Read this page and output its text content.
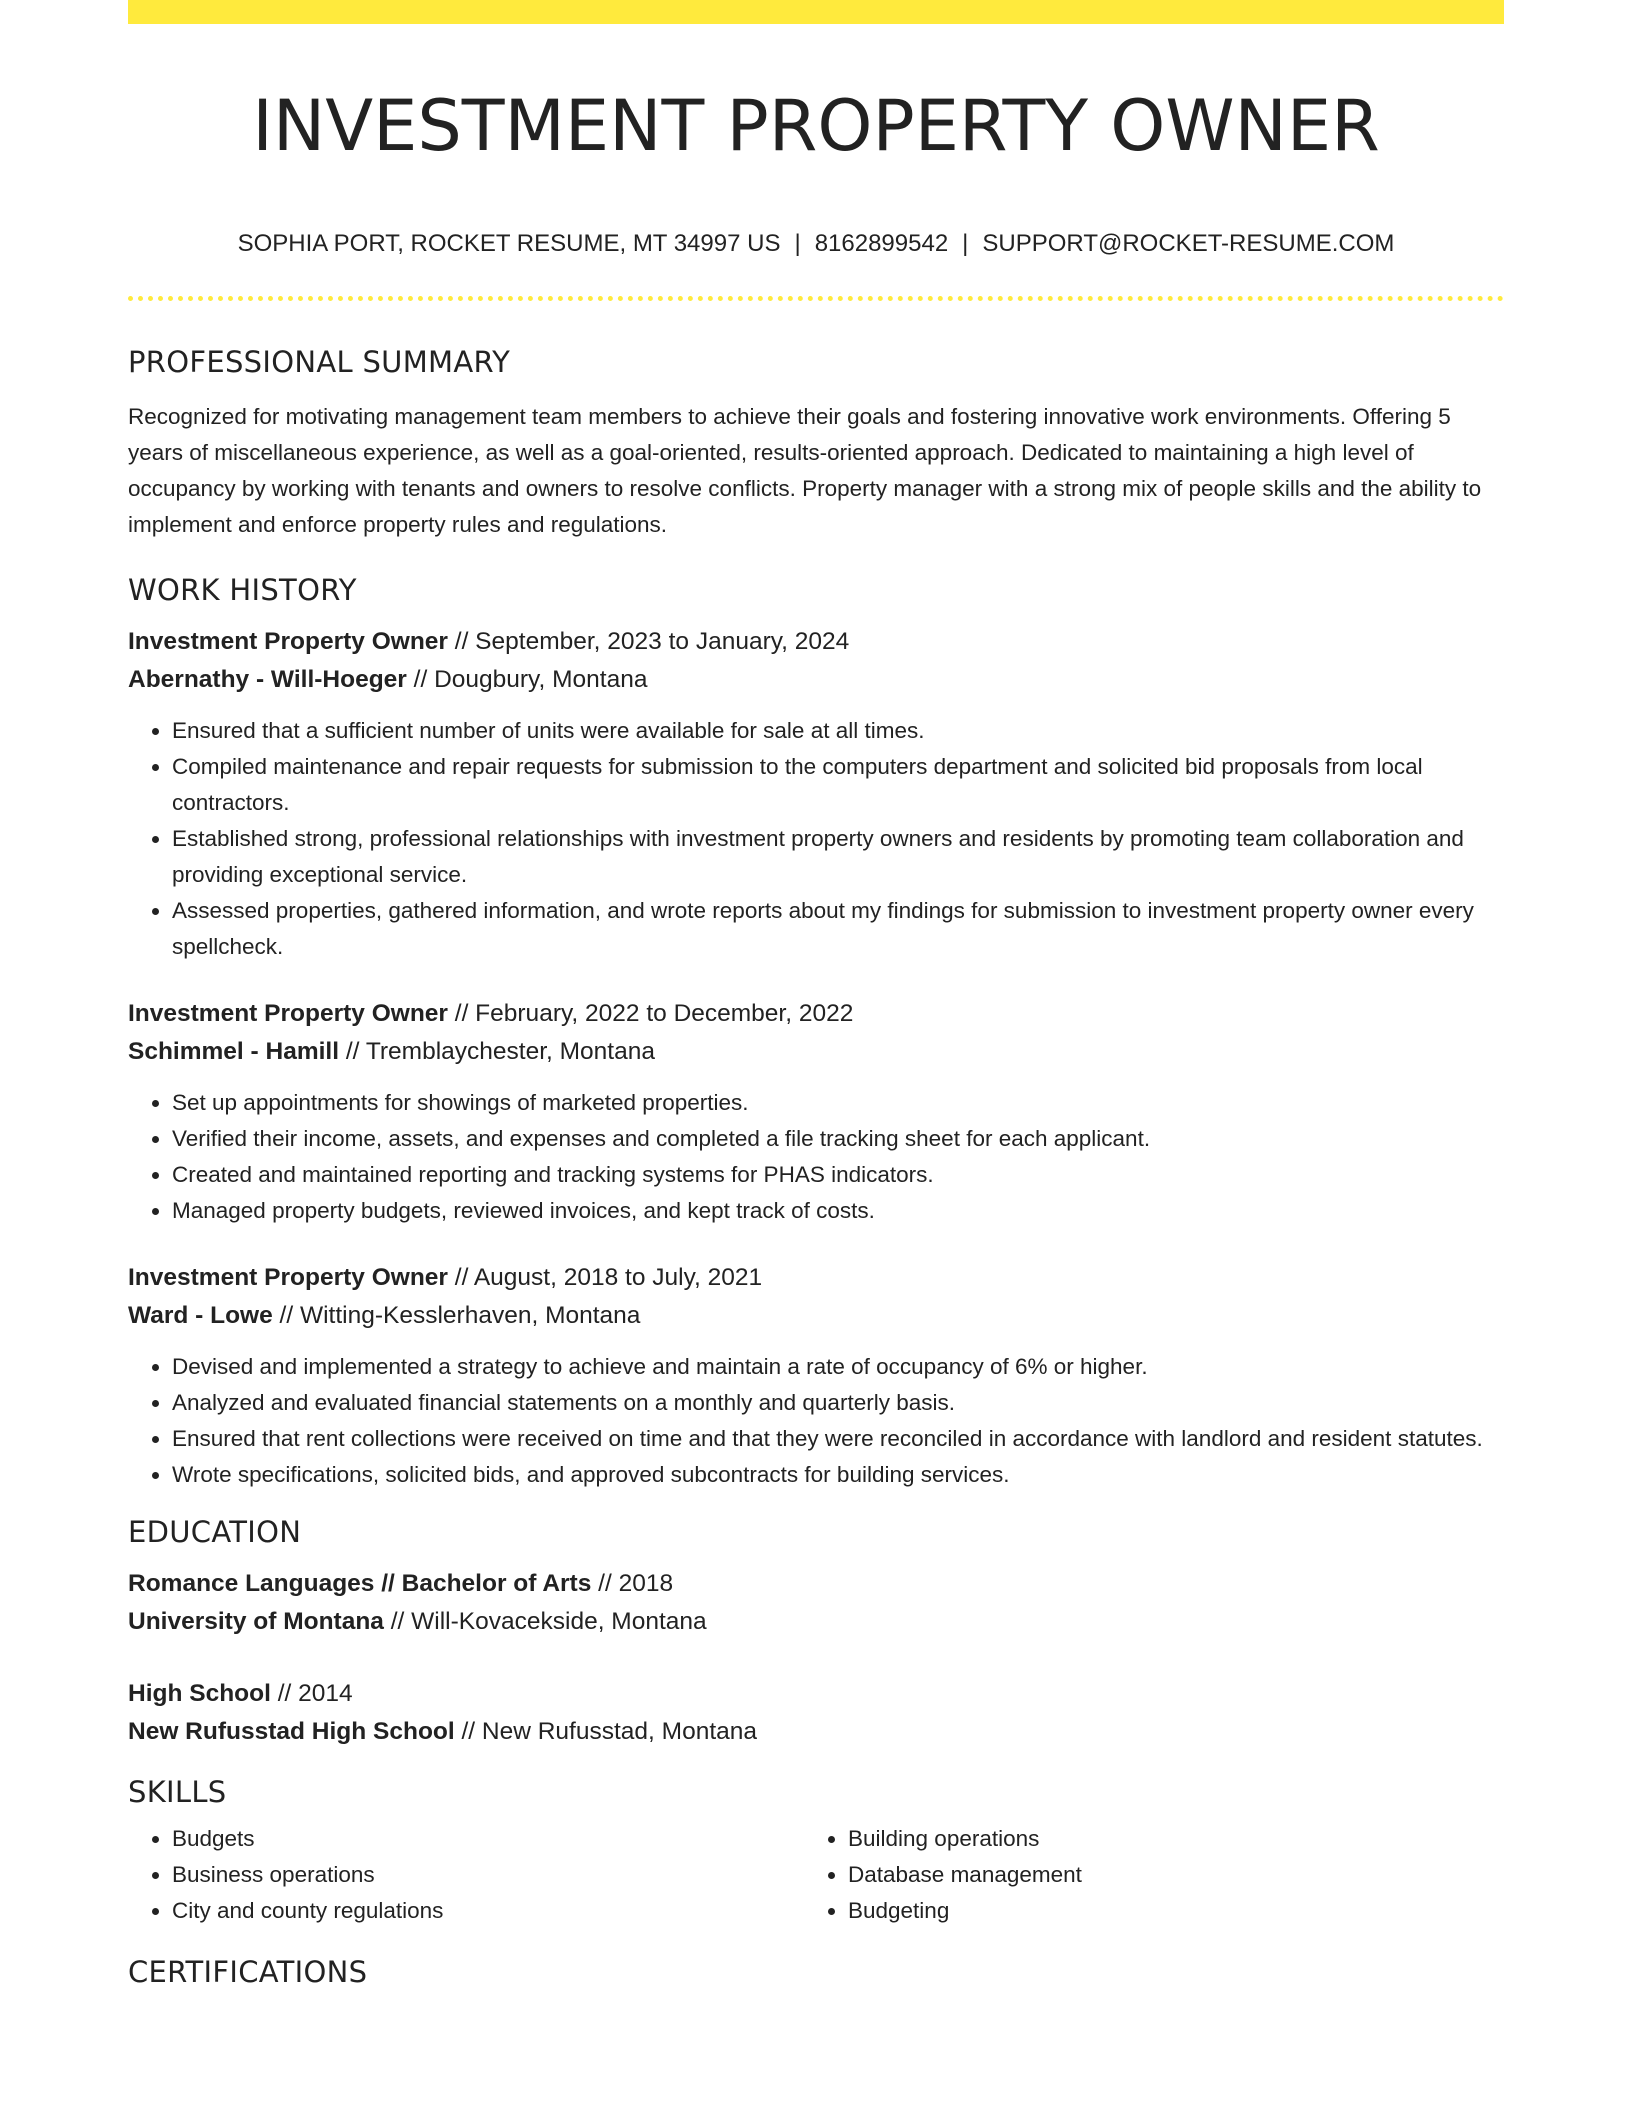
INVESTMENT PROPERTY OWNER
SOPHIA PORT, ROCKET RESUME, MT 34997 US | 8162899542 | SUPPORT@ROCKET-RESUME.COM
PROFESSIONAL SUMMARY

Recognized for motivating management team members to achieve their goals and fostering innovative work environments. Offering 5 years of miscellaneous experience, as well as a goal-oriented, results-oriented approach. Dedicated to maintaining a high level of occupancy by working with tenants and owners to resolve conflicts. Property manager with a strong mix of people skills and the ability to implement and enforce property rules and regulations.

WORK HISTORY
Investment Property Owner // September, 2023 to January, 2024
Abernathy - Will-Hoeger // Dougbury, Montana
• Ensured that a sufficient number of units were available for sale at all times.
• Compiled maintenance and repair requests for submission to the computers department and solicited bid proposals from local contractors.
• Established strong, professional relationships with investment property owners and residents by promoting team collaboration and providing exceptional service.
• Assessed properties, gathered information, and wrote reports about my findings for submission to investment property owner every spellcheck.
Investment Property Owner // February, 2022 to December, 2022
Schimmel - Hamill // Tremblaychester, Montana
• Set up appointments for showings of marketed properties.
• Verified their income, assets, and expenses and completed a file tracking sheet for each applicant.
• Created and maintained reporting and tracking systems for PHAS indicators.
• Managed property budgets, reviewed invoices, and kept track of costs.
Investment Property Owner // August, 2018 to July, 2021
Ward - Lowe // Witting-Kesslerhaven, Montana
• Devised and implemented a strategy to achieve and maintain a rate of occupancy of 6% or higher.
• Analyzed and evaluated financial statements on a monthly and quarterly basis.
• Ensured that rent collections were received on time and that they were reconciled in accordance with landlord and resident statutes.
• Wrote specifications, solicited bids, and approved subcontracts for building services.
EDUCATION
Romance Languages // Bachelor of Arts // 2018
University of Montana // Will-Kovacekside, Montana
High School // 2014
New Rufusstad High School // New Rufusstad, Montana
SKILLS
• Budgets
• Business operations
• City and county regulations
• Building operations
• Database management
• Budgeting
CERTIFICATIONS
